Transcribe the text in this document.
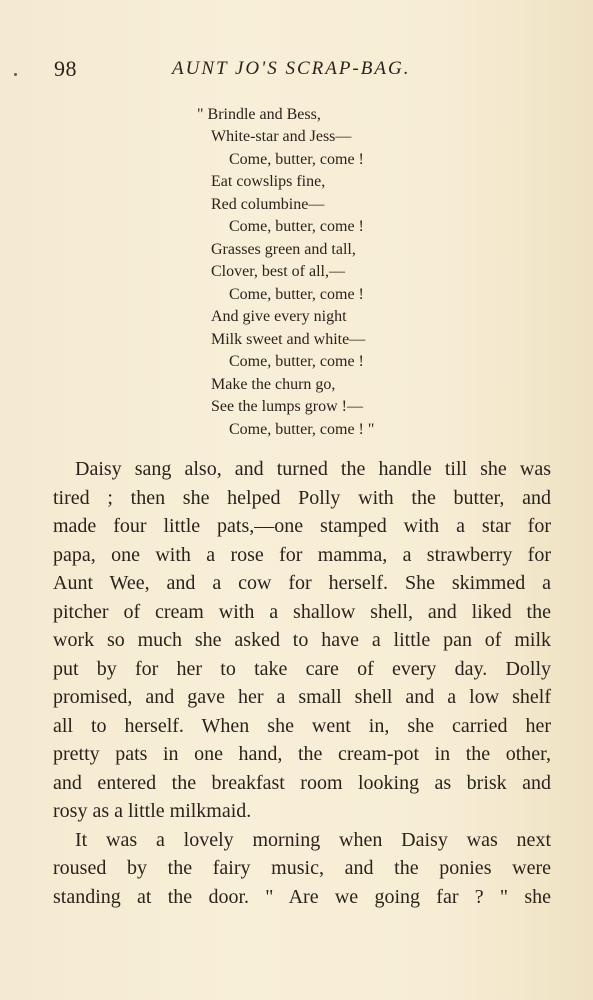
98	AUNT JO'S SCRAP-BAG.
" Brindle and Bess,
White-star and Jess—
Come, butter, come !
Eat cowslips fine,
Red columbine—
Come, butter, come !
Grasses green and tall,
Clover, best of all,—
Come, butter, come !
And give every night
Milk sweet and white—
Come, butter, come !
Make the churn go,
See the lumps grow !—
Come, butter, come ! "
Daisy sang also, and turned the handle till she was
tired ; then she helped Polly with the butter, and
made four little pats,—one stamped with a star for
papa, one with a rose for mamma, a strawberry for
Aunt Wee, and a cow for herself. She skimmed a
pitcher of cream with a shallow shell, and liked the
work so much she asked to have a little pan of milk
put by for her to take care of every day. Dolly
promised, and gave her a small shell and a low shelf
all to herself. When she went in, she carried her
pretty pats in one hand, the cream-pot in the other,
and entered the breakfast room looking as brisk and
rosy as a little milkmaid.
It was a lovely morning when Daisy was next
roused by the fairy music, and the ponies were
standing at the door. " Are we going far ? " she
